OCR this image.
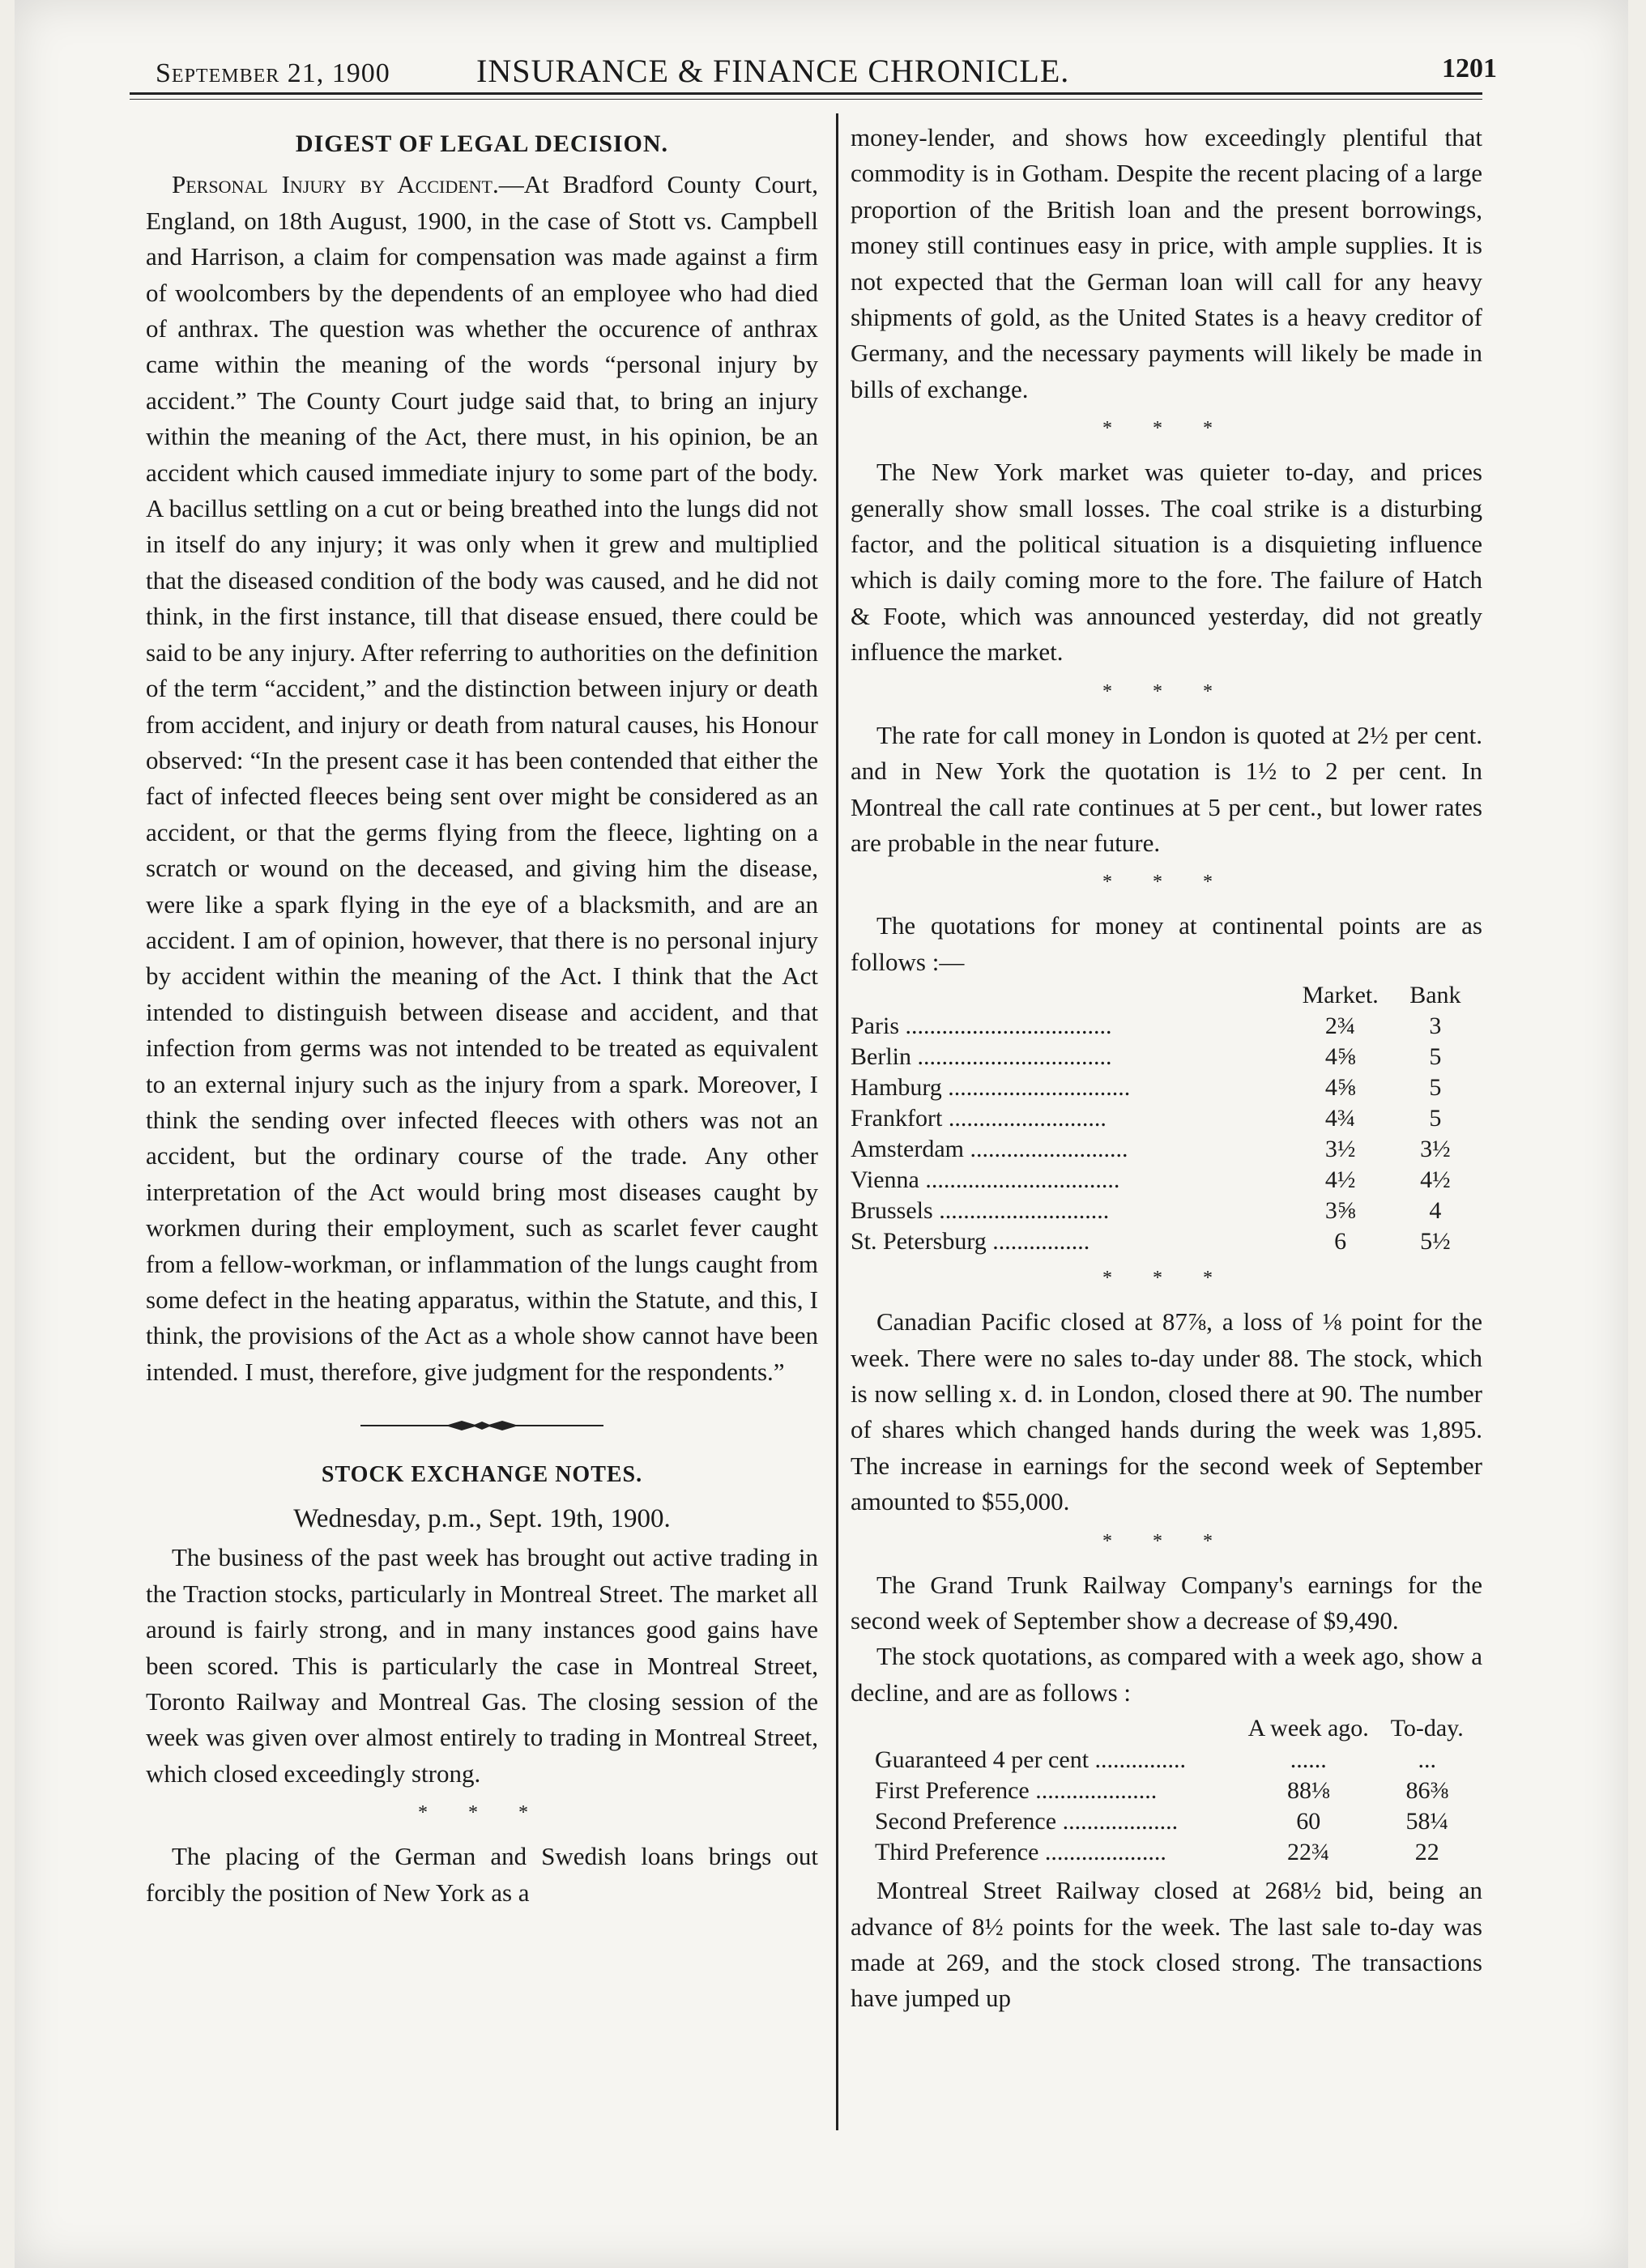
September 21, 1900	INSURANCE & FINANCE CHRONICLE.	1201
DIGEST OF LEGAL DECISION.

Personal Injury by Accident.—At Bradford County Court, England, on 18th August, 1900, in the case of Stott vs. Campbell and Harrison, a claim for compensation was made against a firm of woolcombers by the dependents of an employee who had died of anthrax. The question was whether the occurence of anthrax came within the meaning of the words “personal injury by accident.” The County Court judge said that, to bring an injury within the meaning of the Act, there must, in his opinion, be an accident which caused immediate injury to some part of the body. A bacillus settling on a cut or being breathed into the lungs did not in itself do any injury; it was only when it grew and multiplied that the diseased condition of the body was caused, and he did not think, in the first instance, till that disease ensued, there could be said to be any injury. After referring to authorities on the definition of the term “accident,” and the distinction between injury or death from accident, and injury or death from natural causes, his Honour observed: “In the present case it has been contended that either the fact of infected fleeces being sent over might be considered as an accident, or that the germs flying from the fleece, lighting on a scratch or wound on the deceased, and giving him the disease, were like a spark flying in the eye of a blacksmith, and are an accident. I am of opinion, however, that there is no personal injury by accident within the meaning of the Act. I think that the Act intended to distinguish between disease and accident, and that infection from germs was not intended to be treated as equivalent to an external injury such as the injury from a spark. Moreover, I think the sending over infected fleeces with others was not an accident, but the ordinary course of the trade. Any other interpretation of the Act would bring most diseases caught by workmen during their employment, such as scarlet fever caught from a fellow-workman, or inflammation of the lungs caught from some defect in the heating apparatus, within the Statute, and this, I think, the provisions of the Act as a whole show cannot have been intended. I must, therefore, give judgment for the respondents.”

STOCK EXCHANGE NOTES.
Wednesday, p.m., Sept. 19th, 1900.

The business of the past week has brought out active trading in the Traction stocks, particularly in Montreal Street. The market all around is fairly strong, and in many instances good gains have been scored. This is particularly the case in Montreal Street, Toronto Railway and Montreal Gas. The closing session of the week was given over almost entirely to trading in Montreal Street, which closed exceedingly strong.

* * *

The placing of the German and Swedish loans brings out forcibly the position of New York as a

money-lender, and shows how exceedingly plentiful that commodity is in Gotham. Despite the recent placing of a large proportion of the British loan and the present borrowings, money still continues easy in price, with ample supplies. It is not expected that the German loan will call for any heavy shipments of gold, as the United States is a heavy creditor of Germany, and the necessary payments will likely be made in bills of exchange.

* * *

The New York market was quieter to-day, and prices generally show small losses. The coal strike is a disturbing factor, and the political situation is a disquieting influence which is daily coming more to the fore. The failure of Hatch & Foote, which was announced yesterday, did not greatly influence the market.

* * *

The rate for call money in London is quoted at 2½ per cent. and in New York the quotation is 1½ to 2 per cent. In Montreal the call rate continues at 5 per cent., but lower rates are probable in the near future.

* * *

The quotations for money at continental points are as follows :—

	Market.	Bank
Paris ..................................	2¾	3
Berlin ................................	4⅝	5
Hamburg ..............................	4⅝	5
Frankfort ..........................	4¾	5
Amsterdam ..........................	3½	3½
Vienna ................................	4½	4½
Brussels ............................	3⅝	4
St. Petersburg ................	6	5½
* * *

Canadian Pacific closed at 87⅞, a loss of ⅛ point for the week. There were no sales to-day under 88. The stock, which is now selling x. d. in London, closed there at 90. The number of shares which changed hands during the week was 1,895. The increase in earnings for the second week of September amounted to $55,000.

* * *

The Grand Trunk Railway Company's earnings for the second week of September show a decrease of $9,490.

The stock quotations, as compared with a week ago, show a decline, and are as follows :

	A week ago.	To-day.
Guaranteed 4 per cent ...............	......	...
First Preference ....................	88⅛	86⅜
Second Preference ...................	60	58¼
Third Preference ....................	22¾	22

Montreal Street Railway closed at 268½ bid, being an advance of 8½ points for the week. The last sale to-day was made at 269, and the stock closed strong. The transactions have jumped up
